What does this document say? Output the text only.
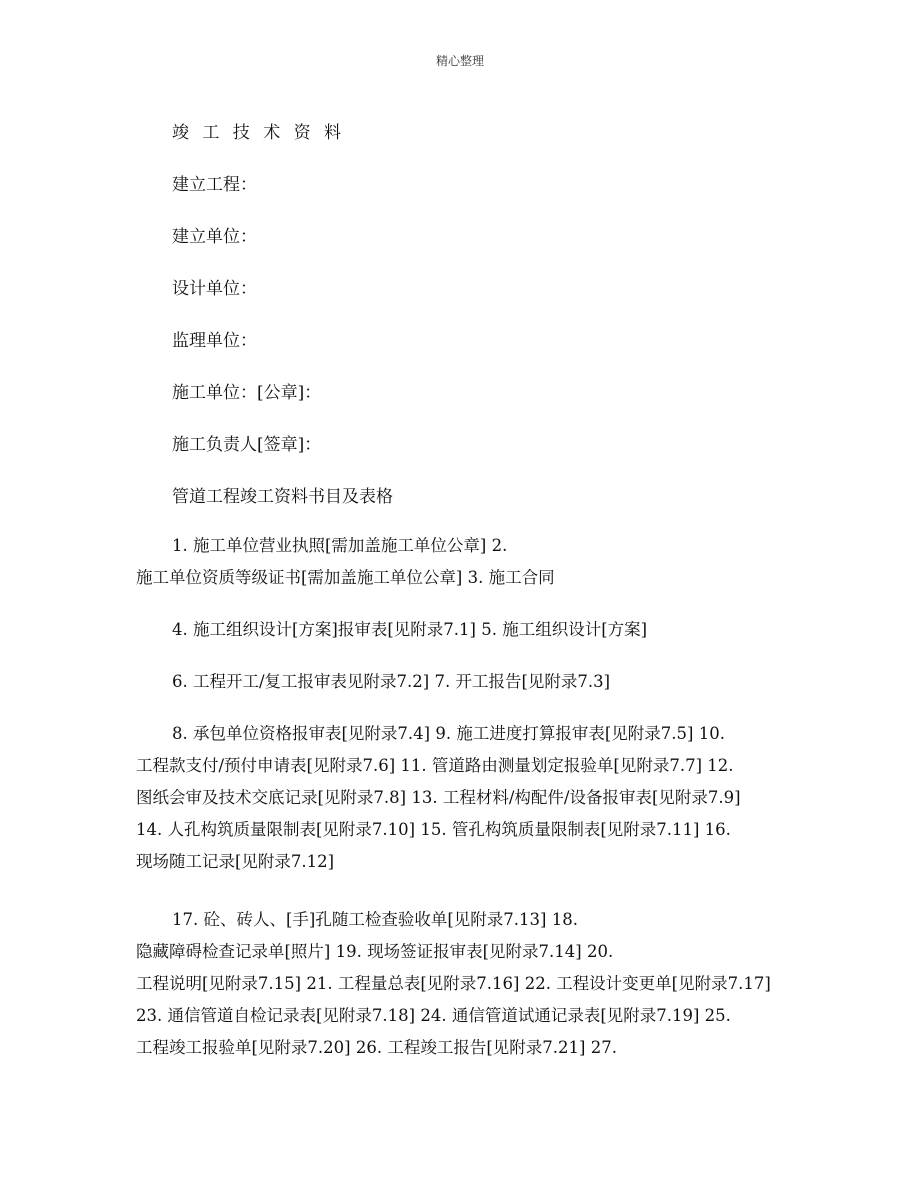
精心整理
竣 工 技 术 资 料
建立工程：
建立单位：
设计单位：
监理单位：
施工单位：[公章]：
施工负责人[签章]：
管道工程竣工资料书目及表格
1. 施工单位营业执照[需加盖施工单位公章] 2.
施工单位资质等级证书[需加盖施工单位公章] 3. 施工合同
4. 施工组织设计[方案]报审表[见附录7.1] 5. 施工组织设计[方案]
6. 工程开工/复工报审表见附录7.2] 7. 开工报告[见附录7.3]
8. 承包单位资格报审表[见附录7.4] 9. 施工进度打算报审表[见附录7.5] 10.
工程款支付/预付申请表[见附录7.6] 11. 管道路由测量划定报验单[见附录7.7] 12.
图纸会审及技术交底记录[见附录7.8] 13. 工程材料/构配件/设备报审表[见附录7.9]
14. 人孔构筑质量限制表[见附录7.10] 15. 管孔构筑质量限制表[见附录7.11] 16.
现场随工记录[见附录7.12]
17. 砼、砖人、[手]孔随工检查验收单[见附录7.13] 18.
隐藏障碍检查记录单[照片] 19. 现场签证报审表[见附录7.14] 20.
工程说明[见附录7.15] 21. 工程量总表[见附录7.16] 22. 工程设计变更单[见附录7.17]
23. 通信管道自检记录表[见附录7.18] 24. 通信管道试通记录表[见附录7.19] 25.
工程竣工报验单[见附录7.20] 26. 工程竣工报告[见附录7.21] 27.
